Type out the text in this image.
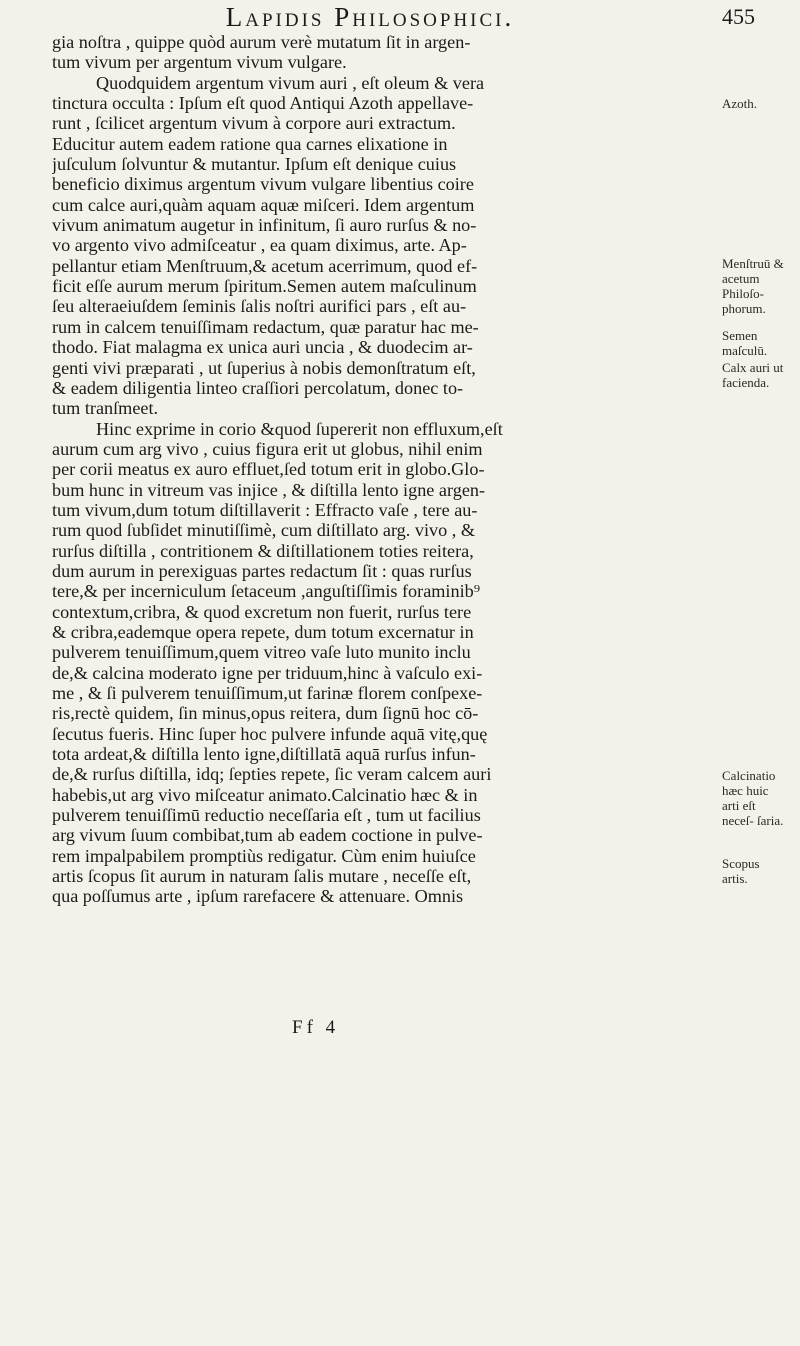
Lapidis Philosophici.	455
gia noſtra , quippe quòd aurum verè mutatum ſit in argen-
tum vivum per argentum vivum vulgare.
Quodquidem argentum vivum auri , eſt oleum & vera
tinctura occulta : Ipſum eſt quod Antiqui Azoth appellave-
runt , ſcilicet argentum vivum à corpore auri extractum.
Educitur autem eadem ratione qua carnes elixatione in
juſculum ſolvuntur & mutantur. Ipſum eſt denique cuius
beneficio diximus argentum vivum vulgare libentius coire
cum calce auri,quàm aquam aquæ miſceri. Idem argentum
vivum animatum augetur in infinitum, ſi auro rurſus & no-
vo argento vivo admiſceatur , ea quam diximus, arte. Ap-
pellantur etiam Menſtruum,& acetum acerrimum, quod ef-
ficit eſſe aurum merum ſpiritum.Semen autem maſculinum
ſeu alteraeiuſdem ſeminis ſalis noſtri aurifici pars , eſt au-
rum in calcem tenuiſſimam redactum, quæ paratur hac me-
thodo. Fiat malagma ex unica auri uncia , & duodecim ar-
genti vivi præparati , ut ſuperius à nobis demonſtratum eſt,
& eadem diligentia linteo craſſiori percolatum, donec to-
tum tranſmeet.
Hinc exprime in corio &quod ſupererit non effluxum,eſt
aurum cum arg vivo , cuius figura erit ut globus, nihil enim
per corii meatus ex auro effluet,ſed totum erit in globo.Glo-
bum hunc in vitreum vas injice , & diſtilla lento igne argen-
tum vivum,dum totum diſtillaverit : Effracto vaſe , tere au-
rum quod ſubſidet minutiſſimè, cum diſtillato arg. vivo , &
rurſus diſtilla , contritionem & diſtillationem toties reitera,
dum aurum in perexiguas partes redactum ſit : quas rurſus
tere,& per incerniculum ſetaceum ,anguſtiſſimis foraminib⁹
contextum,cribra, & quod excretum non fuerit, rurſus tere
& cribra,eademque opera repete, dum totum excernatur in
pulverem tenuiſſimum,quem vitreo vaſe luto munito inclu
de,& calcina moderato igne per triduum,hinc à vaſculo exi-
me , & ſi pulverem tenuiſſimum,ut farinæ florem conſpexe-
ris,rectè quidem, ſin minus,opus reitera, dum ſignū hoc cō-
ſecutus fueris. Hinc ſuper hoc pulvere infunde aquā vitę,quę
tota ardeat,& diſtilla lento igne,diſtillatā aquā rurſus infun-
de,& rurſus diſtilla, idq; ſepties repete, ſic veram calcem auri
habebis,ut arg vivo miſceatur animato.Calcinatio hæc & in
pulverem tenuiſſimū reductio neceſſaria eſt , tum ut facilius
arg vivum ſuum combibat,tum ab eadem coctione in pulve-
rem impalpabilem promptiùs redigatur. Cùm enim huiuſce
artis ſcopus ſit aurum in naturam ſalis mutare , neceſſe eſt,
qua poſſumus arte , ipſum rarefacere & attenuare. Omnis
Azoth.
Menſtruū & acetum Philoſo- phorum.
Semen maſculū.
Calx auri ut facienda.
Calcinatio hæc huic arti eſt neceſ- ſaria.
Scopus artis.
Ff 4
